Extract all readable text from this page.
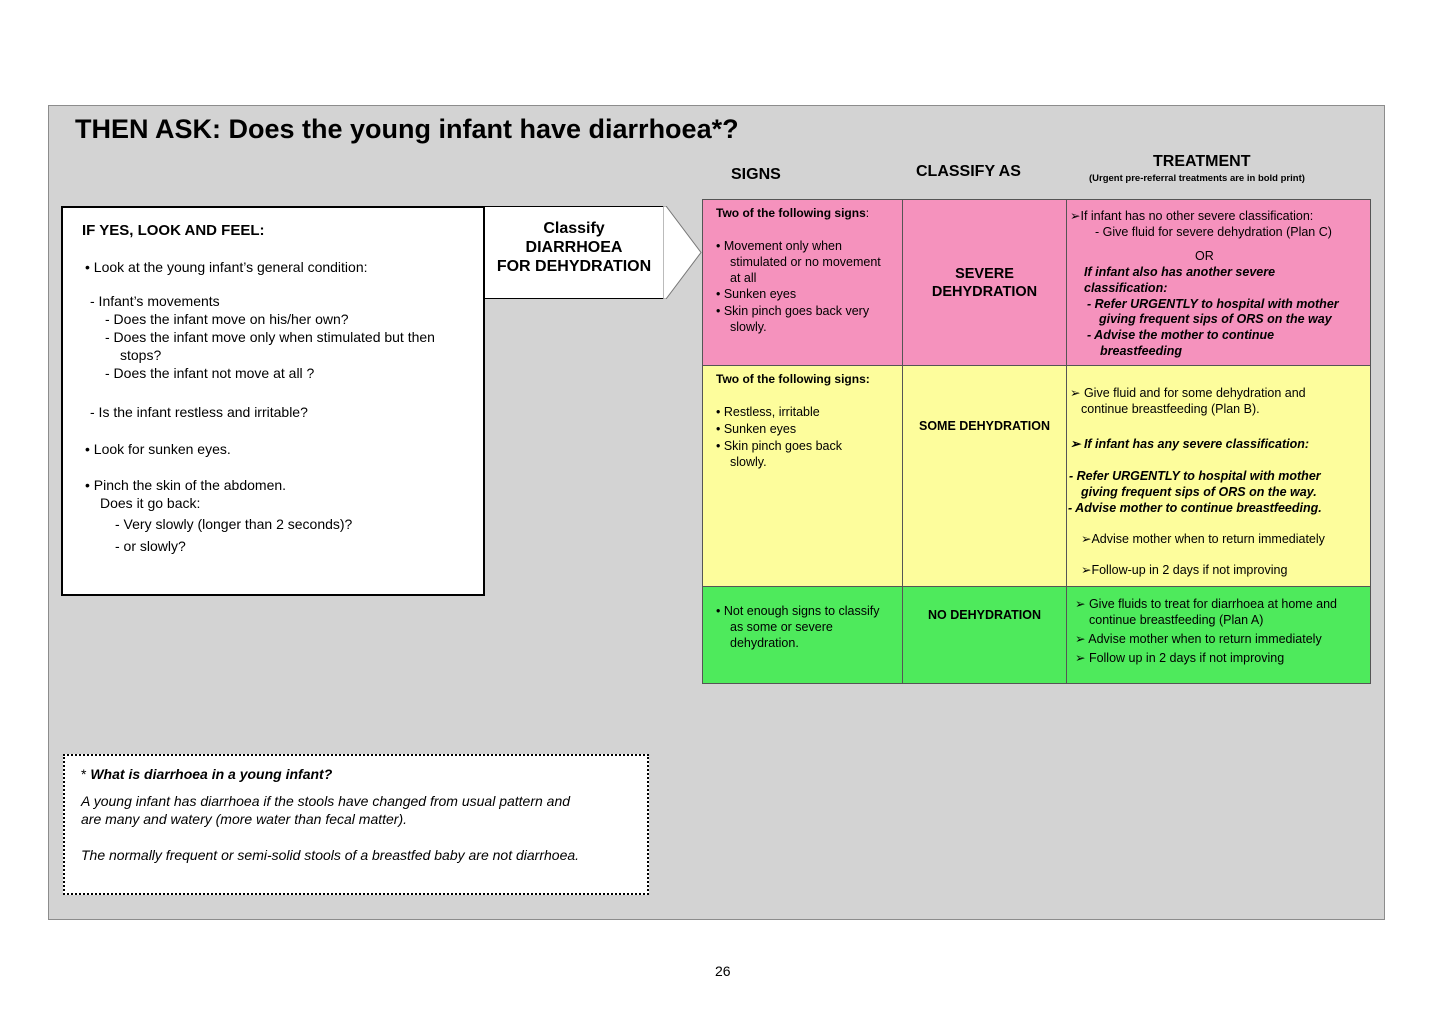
THEN ASK: Does the young infant have diarrhoea*?
SIGNS	CLASSIFY AS
TREATMENT
(Urgent pre-referral treatments are in bold print)
IF YES, LOOK AND FEEL:
• Look at the young infant’s general condition:
- Infant’s movements
- Does the infant move on his/her own?
- Does the infant move only when stimulated but then
stops?
- Does the infant not move at all ?
- Is the infant restless and irritable?
• Look for sunken eyes.
• Pinch the skin of the abdomen.
Does it go back:
- Very slowly (longer than 2 seconds)?
- or slowly?
Classify
DIARRHOEA
FOR DEHYDRATION
Two of the following signs:
• Movement only when
stimulated or no movement
at all
• Sunken eyes
• Skin pinch goes back very
slowly.
SEVERE
DEHYDRATION
➢If infant has no other severe classification:
- Give fluid for severe dehydration (Plan C)
OR
If infant also has another severe
classification:
- Refer URGENTLY to hospital with mother
giving frequent sips of ORS on the way
- Advise the mother to continue
breastfeeding
Two of the following signs:
• Restless, irritable
• Sunken eyes
• Skin pinch goes back
slowly.
SOME DEHYDRATION
➢ Give fluid and for some dehydration and
continue breastfeeding (Plan B).
➢ If infant has any severe classification:
- Refer URGENTLY to hospital with mother
giving frequent sips of ORS on the way.
- Advise mother to continue breastfeeding.
➢Advise mother when to return immediately
➢Follow-up in 2 days if not improving
• Not enough signs to classify
as some or severe
dehydration.
NO DEHYDRATION
➢ Give fluids to treat for diarrhoea at home and
continue breastfeeding (Plan A)
➢ Advise mother when to return immediately
➢ Follow up in 2 days if not improving
* What is diarrhoea in a young infant?
A young infant has diarrhoea if the stools have changed from usual pattern and
are many and watery (more water than fecal matter).
The normally frequent or semi-solid stools of a breastfed baby are not diarrhoea.
26
